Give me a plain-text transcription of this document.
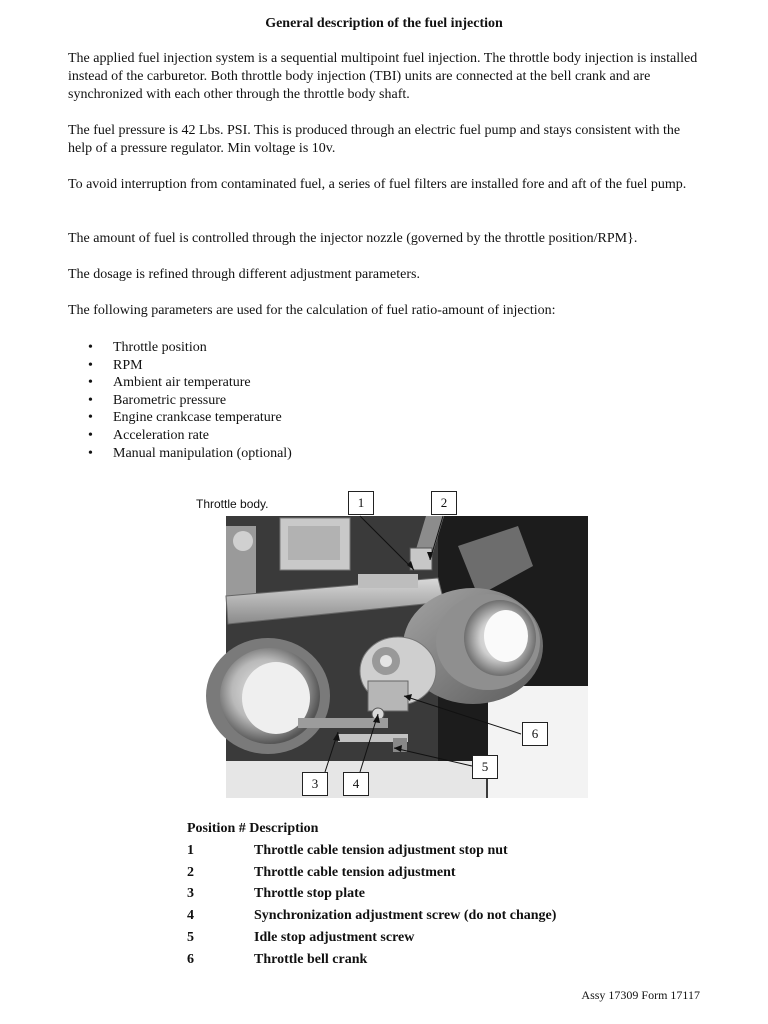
General description of the fuel injection

The applied fuel injection system is a sequential multipoint fuel injection. The throttle body injection is installed instead of the carburetor. Both throttle body injection (TBI) units are connected at the bell crank and are synchronized with each other through the throttle body shaft.

The fuel pressure is 42 Lbs. PSI. This is produced through an electric fuel pump and stays consistent with the help of a pressure regulator. Min voltage is 10v.

To avoid interruption from contaminated fuel, a series of fuel filters are installed fore and aft of the fuel pump.

The amount of fuel is controlled through the injector nozzle (governed by the throttle position/RPM}.

The dosage is refined through different adjustment parameters.

The following parameters are used for the calculation of fuel ratio-amount of injection:

• Throttle position
• RPM
• Ambient air temperature
• Barometric pressure
• Engine crankcase temperature
• Acceleration rate
• Manual manipulation (optional)
Throttle body.	1	2
3	4
5
6
Position #
Description
1	Throttle cable tension adjustment stop nut
2	Throttle cable tension adjustment
3	Throttle stop plate
4	Synchronization adjustment screw (do not change)
5	Idle stop adjustment screw
6	Throttle bell crank
Assy 17309 Form 17117
